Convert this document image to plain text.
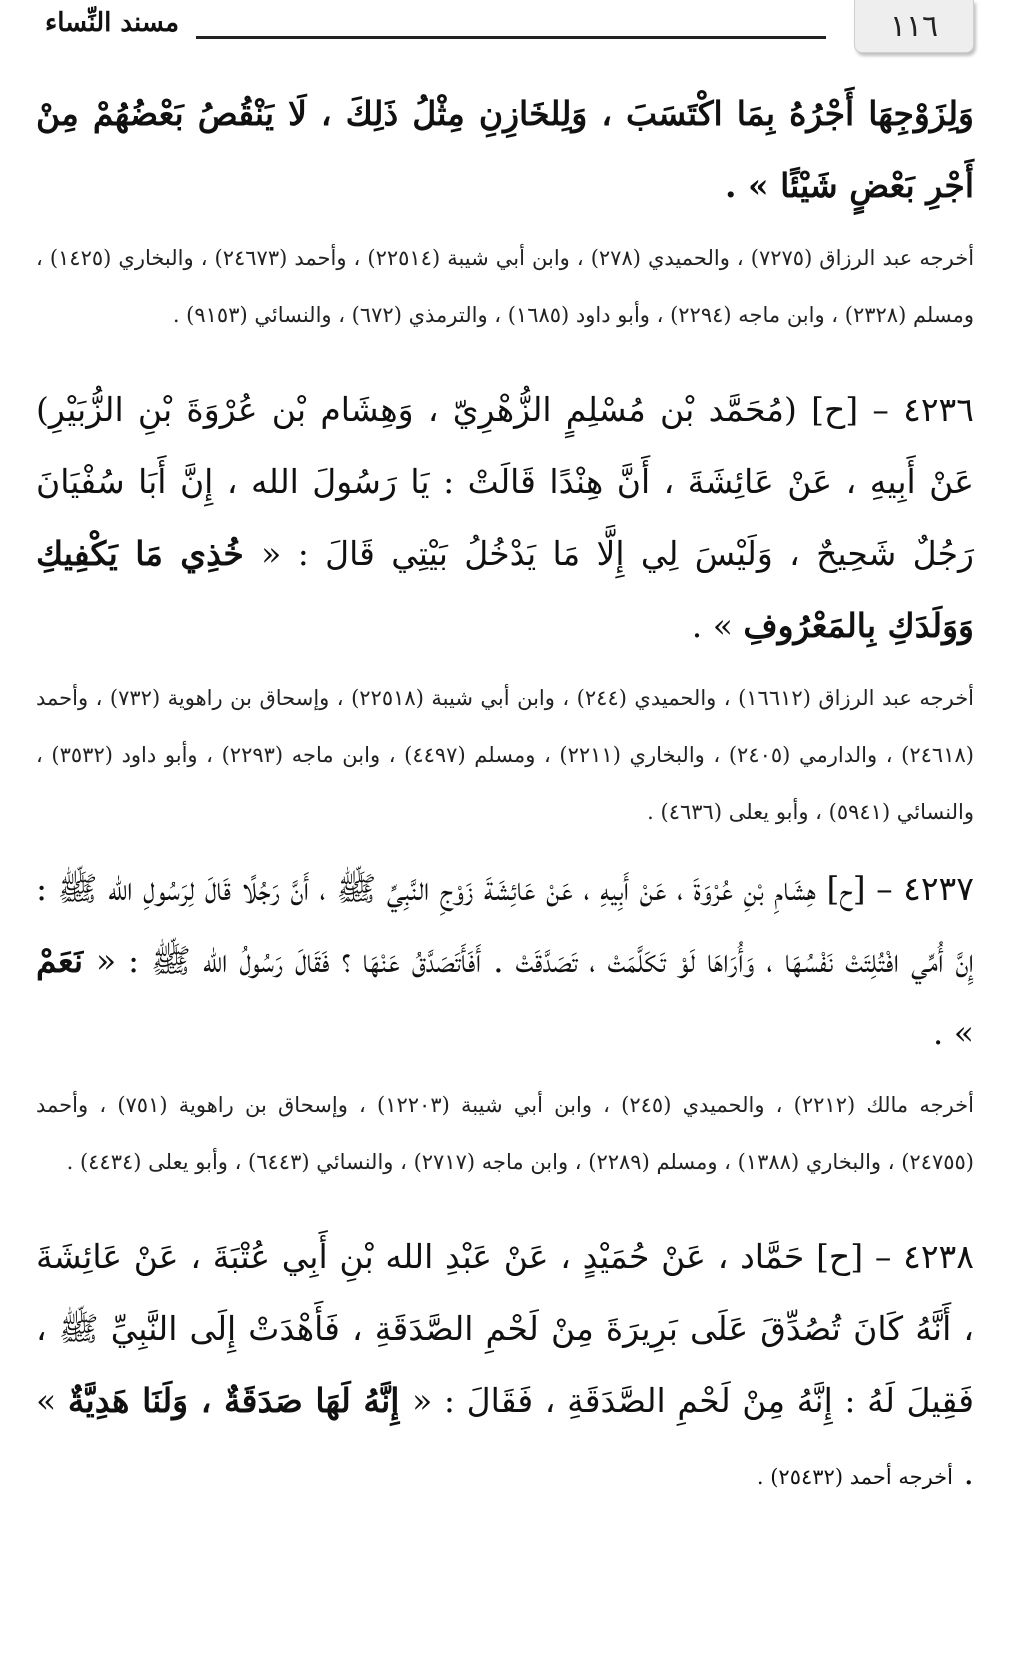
١١٦
مسند النِّساء

وَلِزَوْجِهَا أَجْرُهُ بِمَا اكْتَسَبَ ، وَلِلخَازِنِ مِثْلُ ذَلِكَ ، لَا يَنْقُصُ بَعْضُهُمْ مِنْ أَجْرِ بَعْضٍ شَيْئًا » .

أخرجه عبد الرزاق (٧٢٧٥) ، والحميدي (٢٧٨) ، وابن أبي شيبة (٢٢٥١٤) ، وأحمد (٢٤٦٧٣) ، والبخاري (١٤٢٥) ، ومسلم (٢٣٢٨) ، وابن ماجه (٢٢٩٤) ، وأبو داود (١٦٨٥) ، والترمذي (٦٧٢) ، والنسائي (٩١٥٣) .

٤٢٣٦ – [ح] (مُحَمَّد بْن مُسْلِمٍ الزُّهْرِيّ ، وَهِشَام بْن عُرْوَةَ بْنِ الزُّبَيْرِ) عَنْ أَبِيهِ ، عَنْ عَائِشَةَ ، أَنَّ هِنْدًا قَالَتْ : يَا رَسُولَ الله ، إِنَّ أَبَا سُفْيَانَ رَجُلٌ شَحِيحٌ ، وَلَيْسَ لِي إِلَّا مَا يَدْخُلُ بَيْتِي قَالَ : « خُذِي مَا يَكْفِيكِ وَوَلَدَكِ بِالمَعْرُوفِ » .

أخرجه عبد الرزاق (١٦٦١٢) ، والحميدي (٢٤٤) ، وابن أبي شيبة (٢٢٥١٨) ، وإسحاق بن راهوية (٧٣٢) ، وأحمد (٢٤٦١٨) ، والدارمي (٢٤٠٥) ، والبخاري (٢٢١١) ، ومسلم (٤٤٩٧) ، وابن ماجه (٢٢٩٣) ، وأبو داود (٣٥٣٢) ، والنسائي (٥٩٤١) ، وأبو يعلى (٤٦٣٦) .

٤٢٣٧ – [ح] هِشَامِ بْنِ عُرْوَةَ ، عَنْ أَبِيهِ ، عَنْ عَائِشَةَ زَوْجِ النَّبِيِّ ﷺ ، أَنَّ رَجُلًا قَالَ لِرَسُولِ الله ﷺ : إِنَّ أُمِّي افْتُلِتَتْ نَفْسُهَا ، وَأُرَاهَا لَوْ تَكَلَّمَتْ ، تَصَدَّقَتْ . أَفَأَتَصَدَّقُ عَنْهَا ؟ فَقَالَ رَسُولُ الله ﷺ : « نَعَمْ » .

أخرجه مالك (٢٢١٢) ، والحميدي (٢٤٥) ، وابن أبي شيبة (١٢٢٠٣) ، وإسحاق بن راهوية (٧٥١) ، وأحمد (٢٤٧٥٥) ، والبخاري (١٣٨٨) ، ومسلم (٢٢٨٩) ، وابن ماجه (٢٧١٧) ، والنسائي (٦٤٤٣) ، وأبو يعلى (٤٤٣٤) .

٤٢٣٨ – [ح] حَمَّاد ، عَنْ حُمَيْدٍ ، عَنْ عَبْدِ الله بْنِ أَبِي عُتْبَةَ ، عَنْ عَائِشَةَ ، أَنَّهُ كَانَ تُصُدِّقَ عَلَى بَرِيرَةَ مِنْ لَحْمِ الصَّدَقَةِ ، فَأَهْدَتْ إِلَى النَّبِيِّ ﷺ ، فَقِيلَ لَهُ : إِنَّهُ مِنْ لَحْمِ الصَّدَقَةِ ، فَقَالَ : « إِنَّهُ لَهَا صَدَقَةٌ ، وَلَنَا هَدِيَّةٌ » . أخرجه أحمد (٢٥٤٣٢) .
